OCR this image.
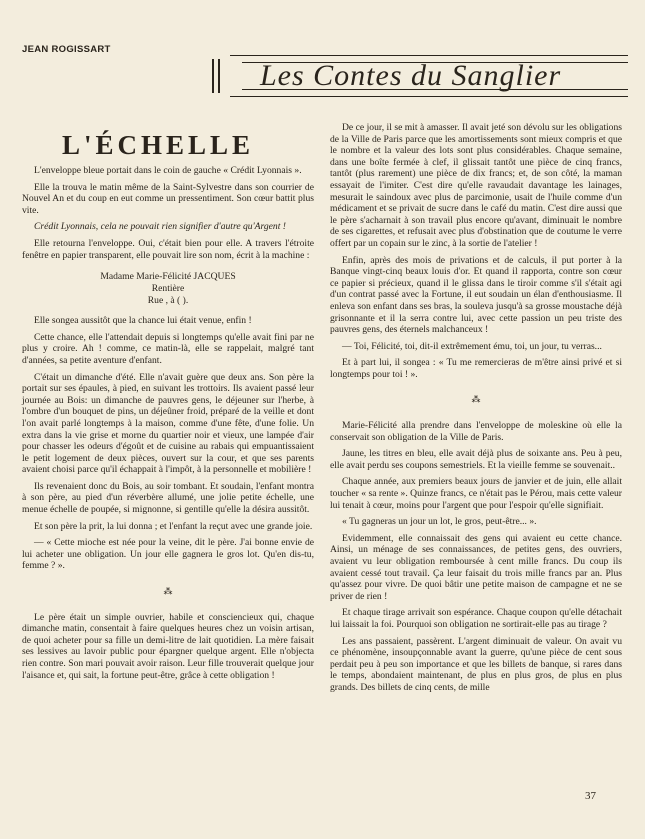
JEAN ROGISSART
Les Contes du Sanglier
L'ÉCHELLE

L'enveloppe bleue portait dans le coin de gauche « Crédit Lyonnais ».

Elle la trouva le matin même de la Saint-Sylvestre dans son courrier de Nouvel An et du coup en eut comme un pressentiment. Son cœur battit plus vite.

Crédit Lyonnais, cela ne pouvait rien signifier d'autre qu'Argent !

Elle retourna l'enveloppe. Oui, c'était bien pour elle. A travers l'étroite fenêtre en papier transparent, elle pouvait lire son nom, écrit à la machine :

Madame Marie-Félicité JACQUES
Rentière
Rue , à ( ).

Elle songea aussitôt que la chance lui était venue, enfin !

Cette chance, elle l'attendait depuis si longtemps qu'elle avait fini par ne plus y croire. Ah ! comme, ce matin-là, elle se rappelait, malgré tant d'années, sa petite aventure d'enfant.

C'était un dimanche d'été. Elle n'avait guère que deux ans. Son père la portait sur ses épaules, à pied, en suivant les trottoirs. Ils avaient passé leur journée au Bois: un dimanche de pauvres gens, le déjeuner sur l'herbe, à l'ombre d'un bouquet de pins, un déjeûner froid, préparé de la veille et dont l'on avait parlé longtemps à la maison, comme d'une fête, d'une folie. Un extra dans la vie grise et morne du quartier noir et vieux, une lampée d'air pour chasser les odeurs d'égoût et de cuisine au rabais qui empuantissaient le petit logement de deux pièces, ouvert sur la cour, et que ses parents avaient choisi parce qu'il échappait à l'impôt, à la personnelle et mobilière !

Ils revenaient donc du Bois, au soir tombant. Et soudain, l'enfant montra à son père, au pied d'un réverbère allumé, une jolie petite échelle, une menue échelle de poupée, si mignonne, si gentille qu'elle la désira aussitôt.

Et son père la prit, la lui donna ; et l'enfant la reçut avec une grande joie.

— « Cette mioche est née pour la veine, dit le père. J'ai bonne envie de lui acheter une obligation. Un jour elle gagnera le gros lot. Qu'en dis-tu, femme ? ».

⁂

Le père était un simple ouvrier, habile et consciencieux qui, chaque dimanche matin, consentait à faire quelques heures chez un voisin artisan, de quoi acheter pour sa fille un demi-litre de lait quotidien. La mère faisait ses lessives au lavoir public pour épargner quelque argent. Elle n'objecta rien contre. Son mari pouvait avoir raison. Leur fille trouverait quelque jour l'aisance et, qui sait, la fortune peut-être, grâce à cette obligation !

De ce jour, il se mit à amasser. Il avait jeté son dévolu sur les obligations de la Ville de Paris parce que les amortissements sont mieux compris et que le nombre et la valeur des lots sont plus considérables. Chaque semaine, dans une boîte fermée à clef, il glissait tantôt une pièce de cinq francs, tantôt (plus rarement) une pièce de dix francs; et, de son côté, la maman essayait de l'imiter. C'est dire qu'elle ravaudait davantage les lainages, mesurait le saindoux avec plus de parcimonie, usait de l'huile comme d'un médicament et se privait de sucre dans le café du matin. C'est dire aussi que le père s'acharnait à son travail plus encore qu'avant, diminuait le nombre de ses cigarettes, et refusait avec plus d'obstination que de coutume le verre offert par un copain sur le zinc, à la sortie de l'atelier !

Enfin, après des mois de privations et de calculs, il put porter à la Banque vingt-cinq beaux louis d'or. Et quand il rapporta, contre son cœur ce papier si précieux, quand il le glissa dans le tiroir comme s'il s'était agi d'un contrat passé avec la Fortune, il eut soudain un élan d'enthousiasme. Il enleva son enfant dans ses bras, la souleva jusqu'à sa grosse moustache déjà grisonnante et il la serra contre lui, avec cette passion un peu triste des pauvres gens, des éternels malchanceux !

— Toi, Félicité, toi, dit-il extrêmement ému, toi, un jour, tu verras...

Et à part lui, il songea : « Tu me remercieras de m'être ainsi privé et si longtemps pour toi ! ».

⁂

Marie-Félicité alla prendre dans l'enveloppe de moleskine où elle la conservait son obligation de la Ville de Paris.

Jaune, les titres en bleu, elle avait déjà plus de soixante ans. Peu à peu, elle avait perdu ses coupons semestriels. Et la vieille femme se souvenait..

Chaque année, aux premiers beaux jours de janvier et de juin, elle allait toucher « sa rente ». Quinze francs, ce n'était pas le Pérou, mais cette valeur lui tenait à cœur, moins pour l'argent que pour l'espoir qu'elle signifiait.

« Tu gagneras un jour un lot, le gros, peut-être... ».

Evidemment, elle connaissait des gens qui avaient eu cette chance. Ainsi, un ménage de ses connaissances, de petites gens, des ouvriers, avaient vu leur obligation remboursée à cent mille francs. Du coup ils avaient cessé tout travail. Ça leur faisait du trois mille francs par an. Plus qu'assez pour vivre. De quoi bâtir une petite maison de campagne et ne se priver de rien !

Et chaque tirage arrivait son espérance. Chaque coupon qu'elle détachait lui laissait la foi. Pourquoi son obligation ne sortirait-elle pas au tirage ?

Les ans passaient, passèrent. L'argent diminuait de valeur. On avait vu ce phénomène, insoupçonnable avant la guerre, qu'une pièce de cent sous perdait peu à peu son importance et que les billets de banque, si rares dans le temps, abondaient maintenant, de plus en plus gros, de plus en plus grands. Des billets de cinq cents, de mille

37
